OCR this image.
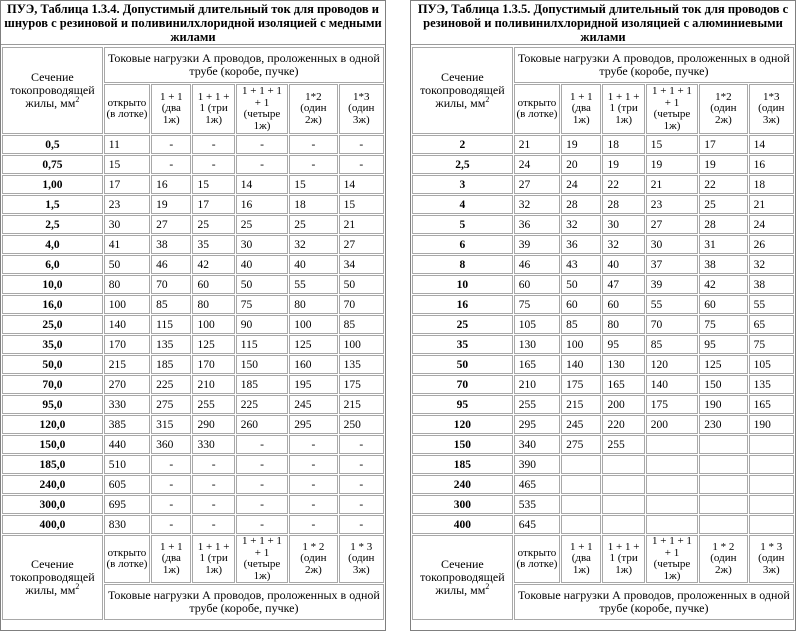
ПУЭ, Таблица 1.3.4. Допустимый длительный ток для проводов и шнуров с резиновой и поливинилхлоридной изоляцией с медными жилами
Сечение токопроводящей жилы, $мм^2$	Токовые нагрузки А проводов, проложенных в одной трубе (коробе, пучке)					
	открыто (в лотке)	1 + 1 (два 1ж)	1 + 1 + 1 (три 1ж)	1 + 1 + 1 + 1 (четыре 1ж)	1*2 (один 2ж)	1*3 (один 3ж)
0,5	11	-	-	-	-	-
0,75	15	-	-	-	-	-
1,00	17	16	15	14	15	14
1,5	23	19	17	16	18	15
2,5	30	27	25	25	25	21
4,0	41	38	35	30	32	27
6,0	50	46	42	40	40	34
10,0	80	70	60	50	55	50
16,0	100	85	80	75	80	70
25,0	140	115	100	90	100	85
35,0	170	135	125	115	125	100
50,0	215	185	170	150	160	135
70,0	270	225	210	185	195	175
95,0	330	275	255	225	245	215
120,0	385	315	290	260	295	250
150,0	440	360	330	-	-	-
185,0	510	-	-	-	-	-
240,0	605	-	-	-	-	-
300,0	695	-	-	-	-	-
400,0	830	-	-	-	-	-
Сечение токопроводящей жилы, $мм^2$	открыто (в лотке)	1 + 1 (два 1ж)	1 + 1 + 1 (три 1ж)	1 + 1 + 1 + 1 (четыре 1ж)	1 * 2 (один 2ж)	1 * 3 (один 3ж)
	Токовые нагрузки А проводов, проложенных в одной трубе (коробе, пучке)					
ПУЭ, Таблица 1.3.5. Допустимый длительный ток для проводов с резиновой и поливинилхлоридной изоляцией с алюминиевыми жилами
Сечение токопроводящей жилы, $мм^2$	Токовые нагрузки А проводов, проложенных в одной трубе (коробе, пучке)					
	открыто (в лотке)	1 + 1 (два 1ж)	1 + 1 + 1 (три 1ж)	1 + 1 + 1 + 1 (четыре 1ж)	1*2 (один 2ж)	1*3 (один 3ж)
2	21	19	18	15	17	14
2,5	24	20	19	19	19	16
3	27	24	22	21	22	18
4	32	28	28	23	25	21
5	36	32	30	27	28	24
6	39	36	32	30	31	26
8	46	43	40	37	38	32
10	60	50	47	39	42	38
16	75	60	60	55	60	55
25	105	85	80	70	75	65
35	130	100	95	85	95	75
50	165	140	130	120	125	105
70	210	175	165	140	150	135
95	255	215	200	175	190	165
120	295	245	220	200	230	190
150	340	275	255			
185	390					
240	465					
300	535					
400	645					
Сечение токопроводящей жилы, $мм^2$	открыто (в лотке)	1 + 1 (два 1ж)	1 + 1 + 1 (три 1ж)	1 + 1 + 1 + 1 (четыре 1ж)	1 * 2 (один 2ж)	1 * 3 (один 3ж)
	Токовые нагрузки А проводов, проложенных в одной трубе (коробе, пучке)					
